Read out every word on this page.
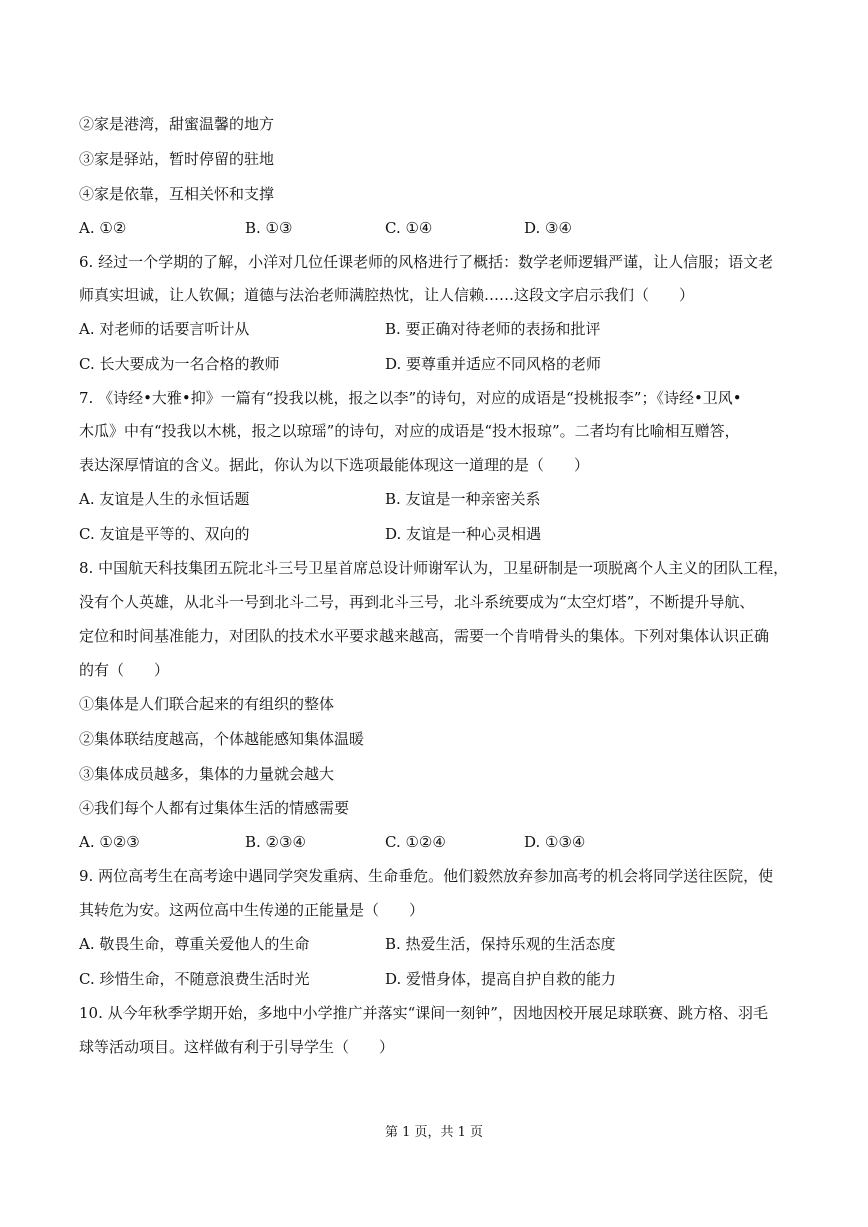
②家是港湾，甜蜜温馨的地方
③家是驿站，暂时停留的驻地
④家是依靠，互相关怀和支撑
A. ①②	B. ①③	C. ①④	D. ③④
6. 经过一个学期的了解，小洋对几位任课老师的风格进行了概括：数学老师逻辑严谨，让人信服；语文老
师真实坦诚，让人钦佩；道德与法治老师满腔热忱，让人信赖……这段文字启示我们（　　）
A. 对老师的话要言听计从	B. 要正确对待老师的表扬和批评
C. 长大要成为一名合格的教师	D. 要尊重并适应不同风格的老师
7. 《诗经•大雅•抑》一篇有“投我以桃，报之以李”的诗句，对应的成语是“投桃报李”；《诗经•卫风•
木瓜》中有“投我以木桃，报之以琼瑶”的诗句，对应的成语是“投木报琼”。二者均有比喻相互赠答，
表达深厚情谊的含义。据此，你认为以下选项最能体现这一道理的是（　　）
A. 友谊是人生的永恒话题	B. 友谊是一种亲密关系
C. 友谊是平等的、双向的	D. 友谊是一种心灵相遇
8. 中国航天科技集团五院北斗三号卫星首席总设计师谢军认为，卫星研制是一项脱离个人主义的团队工程，
没有个人英雄，从北斗一号到北斗二号，再到北斗三号，北斗系统要成为“太空灯塔”，不断提升导航、
定位和时间基准能力，对团队的技术水平要求越来越高，需要一个肯啃骨头的集体。下列对集体认识正确
的有（　　）
①集体是人们联合起来的有组织的整体
②集体联结度越高，个体越能感知集体温暖
③集体成员越多，集体的力量就会越大
④我们每个人都有过集体生活的情感需要
A. ①②③	B. ②③④	C. ①②④	D. ①③④
9. 两位高考生在高考途中遇同学突发重病、生命垂危。他们毅然放弃参加高考的机会将同学送往医院，使
其转危为安。这两位高中生传递的正能量是（　　）
A. 敬畏生命，尊重关爱他人的生命	B. 热爱生活，保持乐观的生活态度
C. 珍惜生命，不随意浪费生活时光	D. 爱惜身体，提高自护自救的能力
10. 从今年秋季学期开始，多地中小学推广并落实“课间一刻钟”，因地因校开展足球联赛、跳方格、羽毛
球等活动项目。这样做有利于引导学生（　　）
第 1 页，共 1 页
